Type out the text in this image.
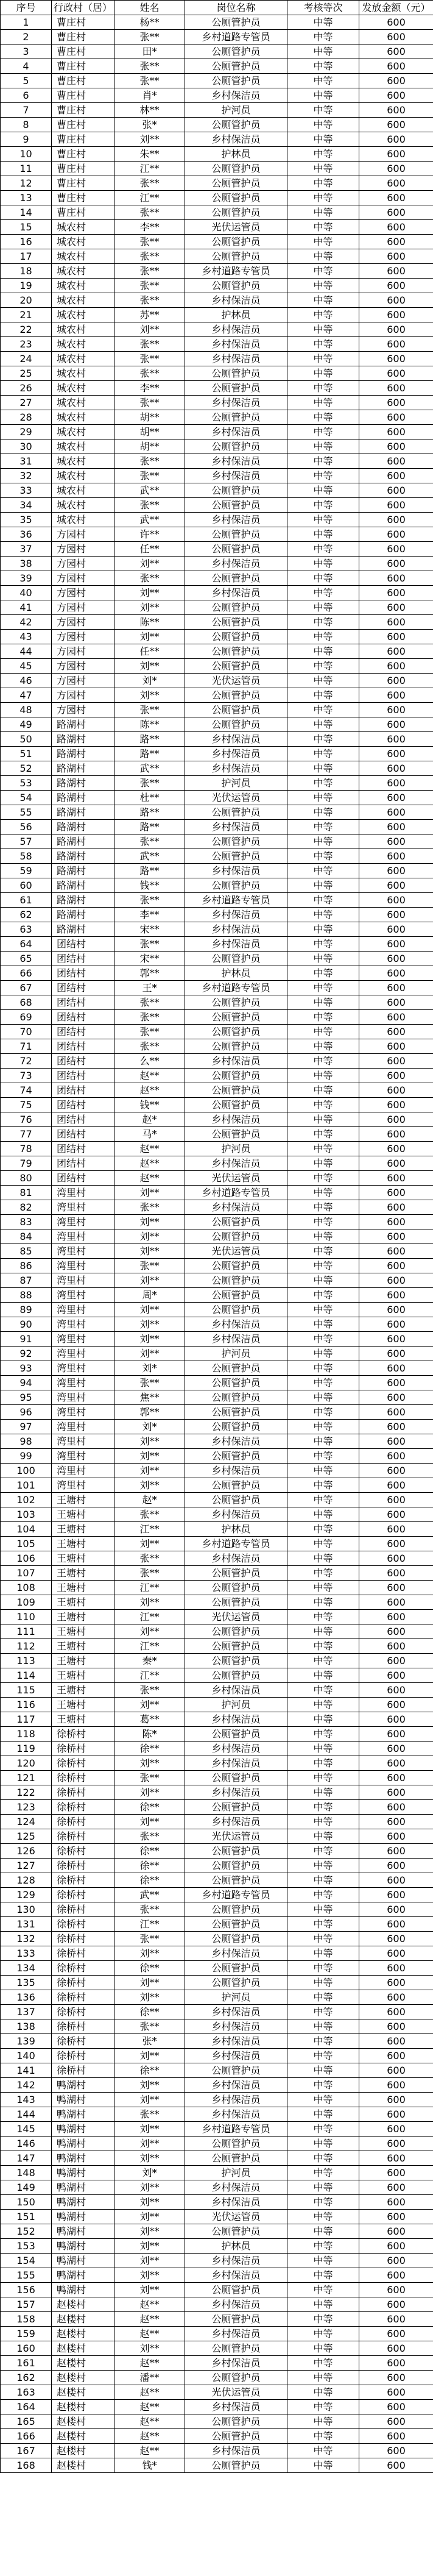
序号	行政村（居）	姓名	岗位名称	考核等次	发放金额（元）
1	曹庄村	杨**	公厕管护员	中等	600
2	曹庄村	张**	乡村道路专管员	中等	600
3	曹庄村	田*	公厕管护员	中等	600
4	曹庄村	张**	公厕管护员	中等	600
5	曹庄村	张**	公厕管护员	中等	600
6	曹庄村	肖*	乡村保洁员	中等	600
7	曹庄村	林**	护河员	中等	600
8	曹庄村	张*	公厕管护员	中等	600
9	曹庄村	刘**	乡村保洁员	中等	600
10	曹庄村	朱**	护林员	中等	600
11	曹庄村	江**	公厕管护员	中等	600
12	曹庄村	张**	公厕管护员	中等	600
13	曹庄村	江**	公厕管护员	中等	600
14	曹庄村	张**	公厕管护员	中等	600
15	城农村	李**	光伏运管员	中等	600
16	城农村	张**	公厕管护员	中等	600
17	城农村	张**	公厕管护员	中等	600
18	城农村	张**	乡村道路专管员	中等	600
19	城农村	张**	公厕管护员	中等	600
20	城农村	张**	乡村保洁员	中等	600
21	城农村	苏**	护林员	中等	600
22	城农村	刘**	乡村保洁员	中等	600
23	城农村	张**	乡村保洁员	中等	600
24	城农村	张**	乡村保洁员	中等	600
25	城农村	张**	公厕管护员	中等	600
26	城农村	李**	公厕管护员	中等	600
27	城农村	张**	乡村保洁员	中等	600
28	城农村	胡**	公厕管护员	中等	600
29	城农村	胡**	乡村保洁员	中等	600
30	城农村	胡**	公厕管护员	中等	600
31	城农村	张**	乡村保洁员	中等	600
32	城农村	张**	乡村保洁员	中等	600
33	城农村	武**	公厕管护员	中等	600
34	城农村	张**	公厕管护员	中等	600
35	城农村	武**	乡村保洁员	中等	600
36	方园村	许**	公厕管护员	中等	600
37	方园村	任**	公厕管护员	中等	600
38	方园村	刘**	乡村保洁员	中等	600
39	方园村	张**	公厕管护员	中等	600
40	方园村	刘**	乡村保洁员	中等	600
41	方园村	刘**	公厕管护员	中等	600
42	方园村	陈**	公厕管护员	中等	600
43	方园村	刘**	公厕管护员	中等	600
44	方园村	任**	公厕管护员	中等	600
45	方园村	刘**	公厕管护员	中等	600
46	方园村	刘*	光伏运管员	中等	600
47	方园村	刘**	公厕管护员	中等	600
48	方园村	张**	公厕管护员	中等	600
49	路湖村	陈**	公厕管护员	中等	600
50	路湖村	路**	乡村保洁员	中等	600
51	路湖村	路**	乡村保洁员	中等	600
52	路湖村	武**	乡村保洁员	中等	600
53	路湖村	张**	护河员	中等	600
54	路湖村	杜**	光伏运管员	中等	600
55	路湖村	路**	公厕管护员	中等	600
56	路湖村	路**	乡村保洁员	中等	600
57	路湖村	张**	公厕管护员	中等	600
58	路湖村	武**	公厕管护员	中等	600
59	路湖村	路**	乡村保洁员	中等	600
60	路湖村	钱**	公厕管护员	中等	600
61	路湖村	张**	乡村道路专管员	中等	600
62	路湖村	李**	乡村保洁员	中等	600
63	路湖村	宋**	乡村保洁员	中等	600
64	团结村	张**	乡村保洁员	中等	600
65	团结村	宋**	公厕管护员	中等	600
66	团结村	郭**	护林员	中等	600
67	团结村	王*	乡村道路专管员	中等	600
68	团结村	张**	公厕管护员	中等	600
69	团结村	张**	公厕管护员	中等	600
70	团结村	张**	公厕管护员	中等	600
71	团结村	张**	公厕管护员	中等	600
72	团结村	么**	乡村保洁员	中等	600
73	团结村	赵**	公厕管护员	中等	600
74	团结村	赵**	公厕管护员	中等	600
75	团结村	钱**	公厕管护员	中等	600
76	团结村	赵*	乡村保洁员	中等	600
77	团结村	马*	公厕管护员	中等	600
78	团结村	赵**	护河员	中等	600
79	团结村	赵**	乡村保洁员	中等	600
80	团结村	赵**	光伏运管员	中等	600
81	湾里村	刘**	乡村道路专管员	中等	600
82	湾里村	张**	乡村保洁员	中等	600
83	湾里村	刘**	公厕管护员	中等	600
84	湾里村	刘**	公厕管护员	中等	600
85	湾里村	刘**	光伏运管员	中等	600
86	湾里村	张**	公厕管护员	中等	600
87	湾里村	刘**	公厕管护员	中等	600
88	湾里村	周*	公厕管护员	中等	600
89	湾里村	刘**	公厕管护员	中等	600
90	湾里村	刘**	乡村保洁员	中等	600
91	湾里村	刘**	乡村保洁员	中等	600
92	湾里村	刘**	护河员	中等	600
93	湾里村	刘*	公厕管护员	中等	600
94	湾里村	张**	公厕管护员	中等	600
95	湾里村	焦**	公厕管护员	中等	600
96	湾里村	郭**	公厕管护员	中等	600
97	湾里村	刘*	公厕管护员	中等	600
98	湾里村	刘**	乡村保洁员	中等	600
99	湾里村	刘**	公厕管护员	中等	600
100	湾里村	刘**	乡村保洁员	中等	600
101	湾里村	刘**	公厕管护员	中等	600
102	王塘村	赵*	公厕管护员	中等	600
103	王塘村	张**	乡村保洁员	中等	600
104	王塘村	江**	护林员	中等	600
105	王塘村	刘**	乡村道路专管员	中等	600
106	王塘村	张**	乡村保洁员	中等	600
107	王塘村	张**	公厕管护员	中等	600
108	王塘村	江**	公厕管护员	中等	600
109	王塘村	刘**	公厕管护员	中等	600
110	王塘村	江**	光伏运管员	中等	600
111	王塘村	刘**	公厕管护员	中等	600
112	王塘村	江**	公厕管护员	中等	600
113	王塘村	秦*	公厕管护员	中等	600
114	王塘村	江**	公厕管护员	中等	600
115	王塘村	张**	乡村保洁员	中等	600
116	王塘村	刘**	护河员	中等	600
117	王塘村	葛**	乡村保洁员	中等	600
118	徐桥村	陈*	公厕管护员	中等	600
119	徐桥村	徐**	乡村保洁员	中等	600
120	徐桥村	刘**	乡村保洁员	中等	600
121	徐桥村	张**	公厕管护员	中等	600
122	徐桥村	刘**	乡村保洁员	中等	600
123	徐桥村	徐**	公厕管护员	中等	600
124	徐桥村	刘**	乡村保洁员	中等	600
125	徐桥村	张**	光伏运管员	中等	600
126	徐桥村	徐**	公厕管护员	中等	600
127	徐桥村	徐**	公厕管护员	中等	600
128	徐桥村	徐**	公厕管护员	中等	600
129	徐桥村	武**	乡村道路专管员	中等	600
130	徐桥村	张**	公厕管护员	中等	600
131	徐桥村	江**	公厕管护员	中等	600
132	徐桥村	张**	公厕管护员	中等	600
133	徐桥村	刘**	乡村保洁员	中等	600
134	徐桥村	徐**	公厕管护员	中等	600
135	徐桥村	刘**	公厕管护员	中等	600
136	徐桥村	刘**	护河员	中等	600
137	徐桥村	徐**	乡村保洁员	中等	600
138	徐桥村	张**	乡村保洁员	中等	600
139	徐桥村	张*	乡村保洁员	中等	600
140	徐桥村	刘**	乡村保洁员	中等	600
141	徐桥村	徐**	公厕管护员	中等	600
142	鸭湖村	刘**	乡村保洁员	中等	600
143	鸭湖村	刘**	乡村保洁员	中等	600
144	鸭湖村	张**	乡村保洁员	中等	600
145	鸭湖村	刘**	乡村道路专管员	中等	600
146	鸭湖村	刘**	公厕管护员	中等	600
147	鸭湖村	刘**	公厕管护员	中等	600
148	鸭湖村	刘*	护河员	中等	600
149	鸭湖村	刘**	乡村保洁员	中等	600
150	鸭湖村	刘**	乡村保洁员	中等	600
151	鸭湖村	刘**	光伏运管员	中等	600
152	鸭湖村	刘**	公厕管护员	中等	600
153	鸭湖村	刘**	护林员	中等	600
154	鸭湖村	刘**	乡村保洁员	中等	600
155	鸭湖村	刘**	乡村保洁员	中等	600
156	鸭湖村	刘**	公厕管护员	中等	600
157	赵楼村	赵**	乡村保洁员	中等	600
158	赵楼村	赵**	公厕管护员	中等	600
159	赵楼村	赵**	乡村保洁员	中等	600
160	赵楼村	刘**	公厕管护员	中等	600
161	赵楼村	赵**	乡村保洁员	中等	600
162	赵楼村	潘**	公厕管护员	中等	600
163	赵楼村	赵**	光伏运管员	中等	600
164	赵楼村	赵**	乡村保洁员	中等	600
165	赵楼村	赵**	公厕管护员	中等	600
166	赵楼村	赵**	公厕管护员	中等	600
167	赵楼村	赵**	乡村保洁员	中等	600
168	赵楼村	钱*	公厕管护员	中等	600
